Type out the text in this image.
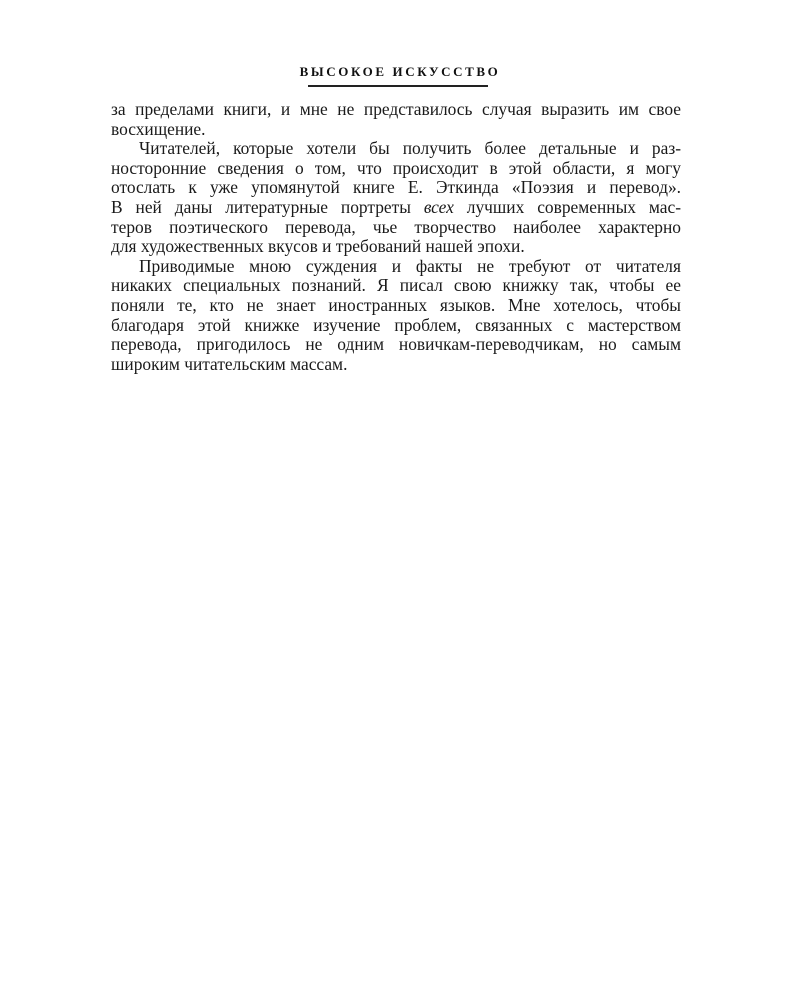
ВЫСОКОЕ ИСКУССТВО
за пределами книги, и мне не представилось случая выразить им свое
восхищение.
Читателей, которые хотели бы получить более детальные и раз-
носторонние сведения о том, что происходит в этой области, я могу
отослать к уже упомянутой книге Е. Эткинда «Поэзия и перевод».
В ней даны литературные портреты всех лучших современных мас-
теров поэтического перевода, чье творчество наиболее характерно
для художественных вкусов и требований нашей эпохи.
Приводимые мною суждения и факты не требуют от читателя
никаких специальных познаний. Я писал свою книжку так, чтобы ее
поняли те, кто не знает иностранных языков. Мне хотелось, чтобы
благодаря этой книжке изучение проблем, связанных с мастерством
перевода, пригодилось не одним новичкам-переводчикам, но самым
широким читательским массам.
